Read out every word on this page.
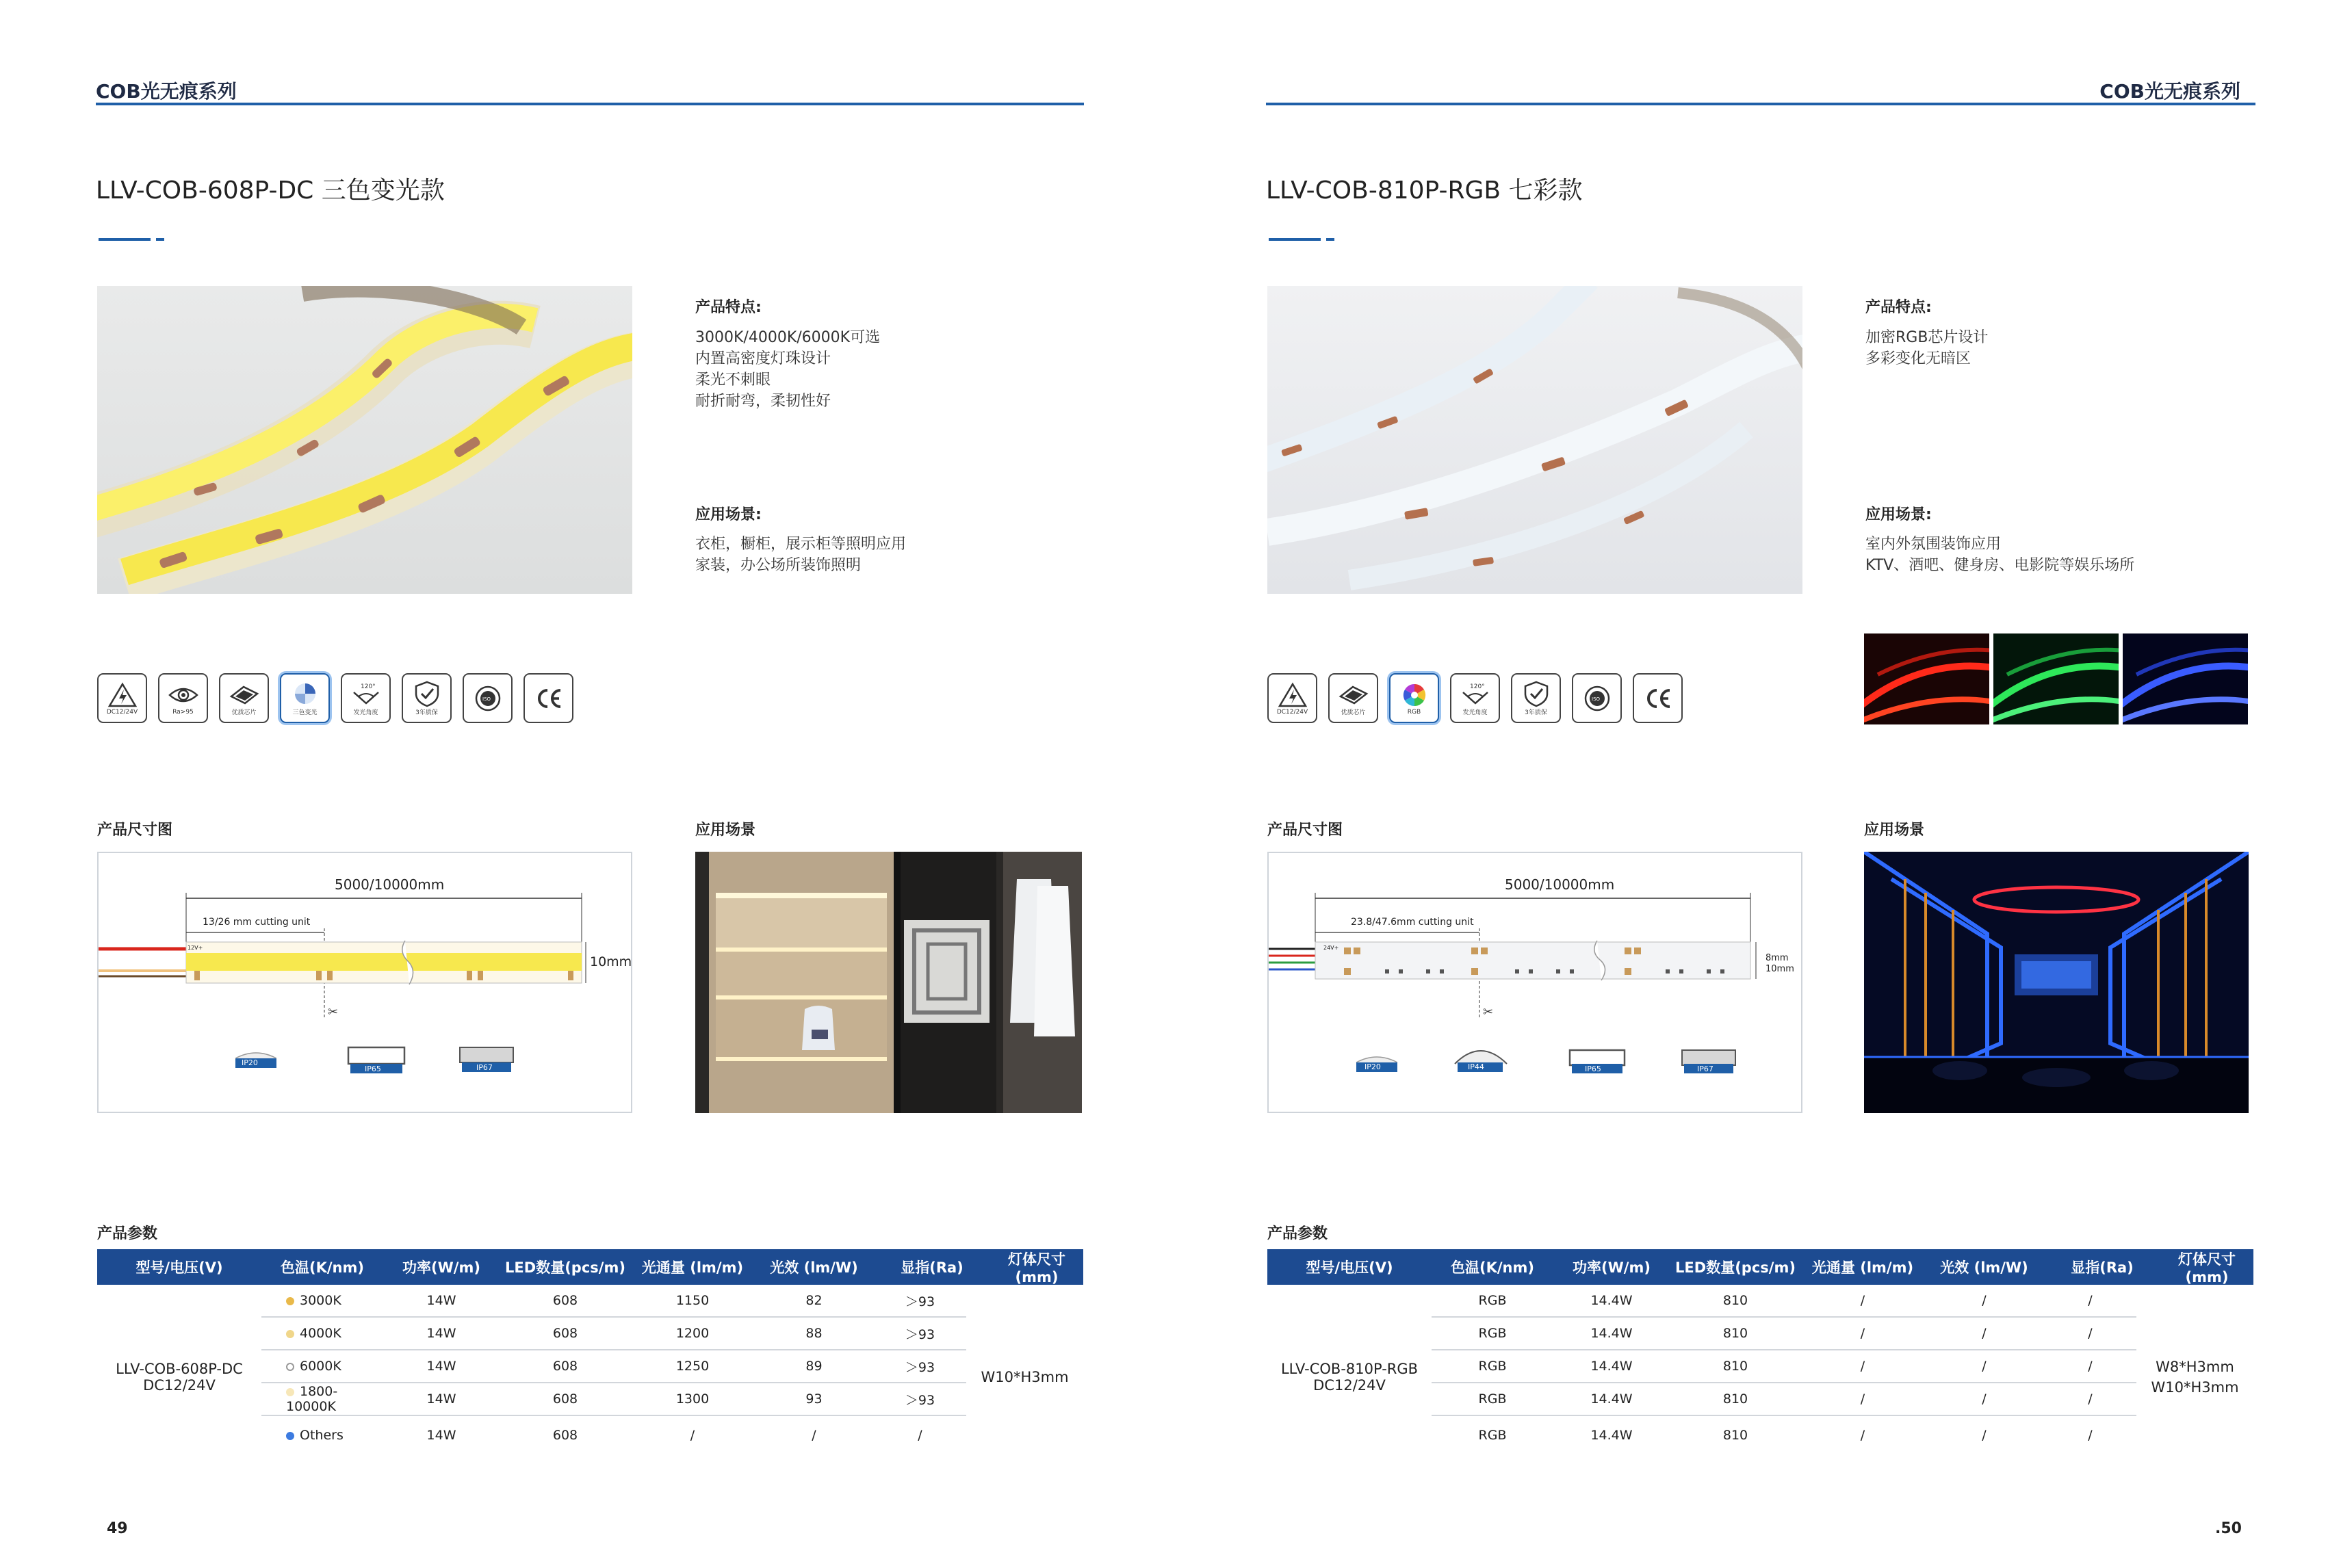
COB光无痕系列
LLV-COB-608P-DC 三色变光款
产品特点:
3000K/4000K/6000K可选
内置高密度灯珠设计
柔光不刺眼
耐折耐弯，柔韧性好
应用场景:
衣柜，橱柜，展示柜等照明应用
家装，办公场所装饰照明
DC12/24V	Ra>95	优质芯片	三色变光
120°
发光角度	3年质保
ISO
产品尺寸图
5000/10000mm
13/26 mm cutting unit
10mm
✂
IP20
IP65	IP67
12V+
应用场景
产品参数
型号/电压(V)	色温(K/nm)	功率(W/m)	LED数量(pcs/m)	光通量 (lm/m)	光效 (lm/W)	显指(Ra)	灯体尺寸(mm)
LLV-COB-608P-DC
DC12/24V	W10*H3mm
3000K	14W	608	1150	82	＞93
4000K	14W	608	1200	88	＞93
6000K	14W	608	1250	89	＞93
1800-10000K	14W	608	1300	93	＞93
Others	14W	608	/	/	/
49
COB光无痕系列
LLV-COB-810P-RGB 七彩款
产品特点:
加密RGB芯片设计
多彩变化无暗区
应用场景:
室内外氛围装饰应用
KTV、酒吧、健身房、电影院等娱乐场所
DC12/24V	优质芯片	RGB
120°
发光角度	3年质保
ISO
产品尺寸图
5000/10000mm
23.8/47.6mm cutting unit
8mm 10mm
✂
IP20	IP44	IP65	IP67
24V+
应用场景
产品参数
型号/电压(V)	色温(K/nm)	功率(W/m)	LED数量(pcs/m)	光通量 (lm/m)	光效 (lm/W)	显指(Ra)	灯体尺寸(mm)
LLV-COB-810P-RGB
DC12/24V
W8*H3mm
W10*H3mm
RGB	14.4W	810	/	/	/
RGB	14.4W	810	/	/	/
RGB	14.4W	810	/	/	/
RGB	14.4W	810	/	/	/
RGB	14.4W	810	/	/	/
.50
